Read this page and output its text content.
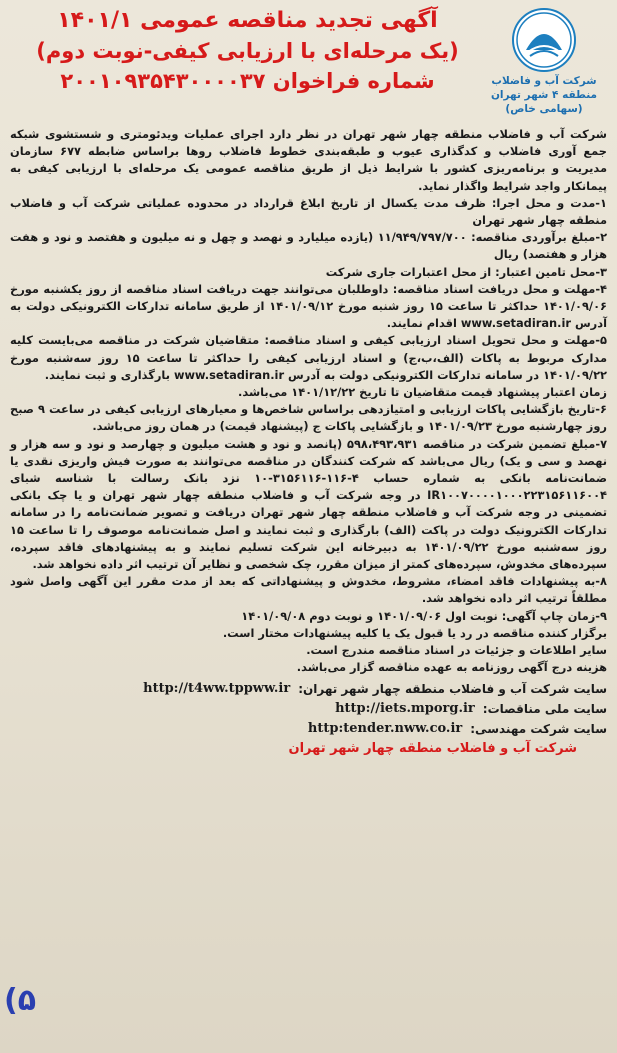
شرکت آب و فاضلاب
منطقه ۴ شهر تهران
(سهامی خاص)
آگهی تجدید مناقصه عمومی ۱۴۰۱/۱
(یک مرحله‌ای با ارزیابی کیفی-نوبت دوم)
شماره فراخوان ۲۰۰۱۰۹۳۵۴۳۰۰۰۰۳۷

شرکت آب و فاضلاب منطقه چهار شهر تهران در نظر دارد اجرای عملیات ویدئومتری و شستشوی شبکه جمع آوری فاضلاب و کدگذاری عیوب و طبقه‌بندی خطوط فاضلاب روها براساس ضابطه ۶۷۷ سازمان مدیریت و برنامه‌ریزی کشور با شرایط ذیل از طریق مناقصه عمومی یک مرحله‌ای با ارزیابی کیفی به پیمانکار واجد شرایط واگذار نماید.

۱-مدت و محل اجرا: ظرف مدت یکسال از تاریخ ابلاغ قرارداد در محدوده عملیاتی شرکت آب و فاضلاب منطقه چهار شهر تهران

۲-مبلغ برآوردی مناقصه: ۱۱/۹۴۹/۷۹۷/۷۰۰ (یازده میلیارد و نهصد و چهل و نه میلیون و هفتصد و نود و هفت هزار و هفتصد) ریال

۳-محل تامین اعتبار: از محل اعتبارات جاری شرکت

۴-مهلت و محل دریافت اسناد مناقصه: داوطلبان می‌توانند جهت دریافت اسناد مناقصه از روز یکشنبه مورخ ۱۴۰۱/۰۹/۰۶ حداکثر تا ساعت ۱۵ روز شنبه مورخ ۱۴۰۱/۰۹/۱۲ از طریق سامانه تدارکات الکترونیکی دولت به آدرس www.setadiran.ir اقدام نمایند.

۵-مهلت و محل تحویل اسناد ارزیابی کیفی و اسناد مناقصه: متقاضیان شرکت در مناقصه می‌بایست کلیه مدارک مربوط به پاکات (الف،ب،ج) و اسناد ارزیابی کیفی را حداکثر تا ساعت ۱۵ روز سه‌شنبه مورخ ۱۴۰۱/۰۹/۲۲ در سامانه تدارکات الکترونیکی دولت به آدرس www.setadiran.ir بارگذاری و ثبت نمایند.

زمان اعتبار پیشنهاد قیمت متقاضیان تا تاریخ ۱۴۰۱/۱۲/۲۲ می‌باشد.

۶-تاریخ بازگشایی پاکات ارزیابی و امتیازدهی براساس شاخص‌ها و معیارهای ارزیابی کیفی در ساعت ۹ صبح روز چهارشنبه مورخ ۱۴۰۱/۰۹/۲۳ و بازگشایی پاکات ج (پیشنهاد قیمت) در همان روز می‌باشد.

۷-مبلغ تضمین شرکت در مناقصه ۵۹۸،۴۹۳،۹۳۱ (پانصد و نود و هشت میلیون و چهارصد و نود و سه هزار و نهصد و سی و یک) ریال می‌باشد که شرکت کنندگان در مناقصه می‌توانند به صورت فیش واریزی نقدی یا ضمانت‌نامه بانکی به شماره حساب ۴-۱۱۶-۳۱۵۶۱۱۶-۱۰ نزد بانک رسالت با شناسه شبای IR۱۰۰۷۰۰۰۰۱۰۰۰۲۲۳۱۵۶۱۱۶۰۰۴ در وجه شرکت آب و فاضلاب منطقه چهار شهر تهران و یا چک بانکی تضمینی در وجه شرکت آب و فاضلاب منطقه چهار شهر تهران دریافت و تصویر ضمانت‌نامه را در سامانه تدارکات الکترونیک دولت در پاکت (الف) بارگذاری و ثبت نمایند و اصل ضمانت‌نامه موصوف را تا ساعت ۱۵ روز سه‌شنبه مورخ ۱۴۰۱/۰۹/۲۲ به دبیرخانه این شرکت تسلیم نمایند و به پیشنهادهای فاقد سپرده، سپرده‌های مخدوش، سپرده‌های کمتر از میزان مقرر، چک شخصی و نظایر آن ترتیب اثر داده نخواهد شد.

۸-به پیشنهادات فاقد امضاء، مشروط، مخدوش و پیشنهاداتی که بعد از مدت مقرر این آگهی واصل شود مطلقاً ترتیب اثر داده نخواهد شد.

۹-زمان چاپ آگهی: نوبت اول ۱۴۰۱/۰۹/۰۶ و نوبت دوم ۱۴۰۱/۰۹/۰۸

برگزار کننده مناقصه در رد یا قبول یک یا کلیه پیشنهادات مختار است.

سایر اطلاعات و جزئیات در اسناد مناقصه مندرج است.

هزینه درج آگهی روزنامه به عهده مناقصه گزار می‌باشد.

سایت شرکت آب و فاضلاب منطقه چهار شهر تهران:
http://t4ww.tppww.ir
سایت ملی مناقصات:
http://iets.mporg.ir
سایت شرکت مهندسی:
http:tender.nww.co.ir
شرکت آب و فاضلاب منطقه چهار شهر تهران
(۵
